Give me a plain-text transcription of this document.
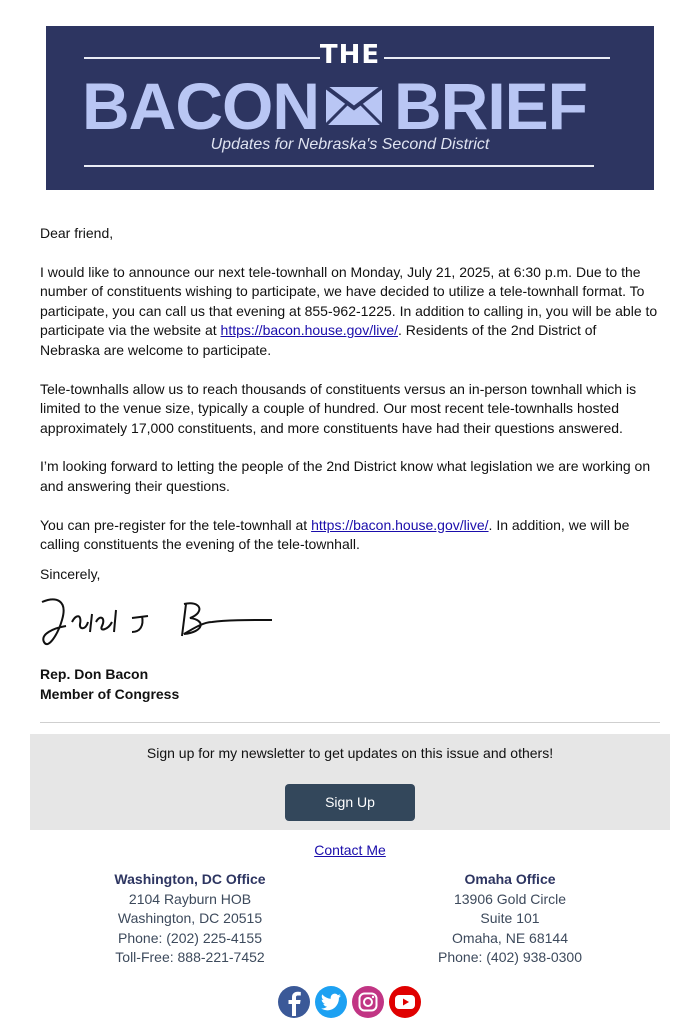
THE
BACON BRIEF
Updates for Nebraska's Second District

Dear friend,

I would like to announce our next tele-townhall on Monday, July 21, 2025, at 6:30 p.m. Due to the number of constituents wishing to participate, we have decided to utilize a tele-townhall format. To participate, you can call us that evening at 855-962-1225. In addition to calling in, you will be able to participate via the website at https://bacon.house.gov/live/. Residents of the 2nd District of Nebraska are welcome to participate.

Tele-townhalls allow us to reach thousands of constituents versus an in-person townhall which is limited to the venue size, typically a couple of hundred. Our most recent tele-townhalls hosted approximately 17,000 constituents, and more constituents have had their questions answered.

I’m looking forward to letting the people of the 2nd District know what legislation we are working on and answering their questions.

You can pre-register for the tele-townhall at https://bacon.house.gov/live/. In addition, we will be calling constituents the evening of the tele-townhall.

Sincerely,
Rep. Don Bacon
Member of Congress
Sign up for my newsletter to get updates on this issue and others!
Sign Up
Contact Me
Washington, DC Office
2104 Rayburn HOB
Washington, DC 20515
Phone: (202) 225-4155
Toll-Free: 888-221-7452
Omaha Office
13906 Gold Circle
Suite 101
Omaha, NE 68144
Phone: (402) 938-0300
